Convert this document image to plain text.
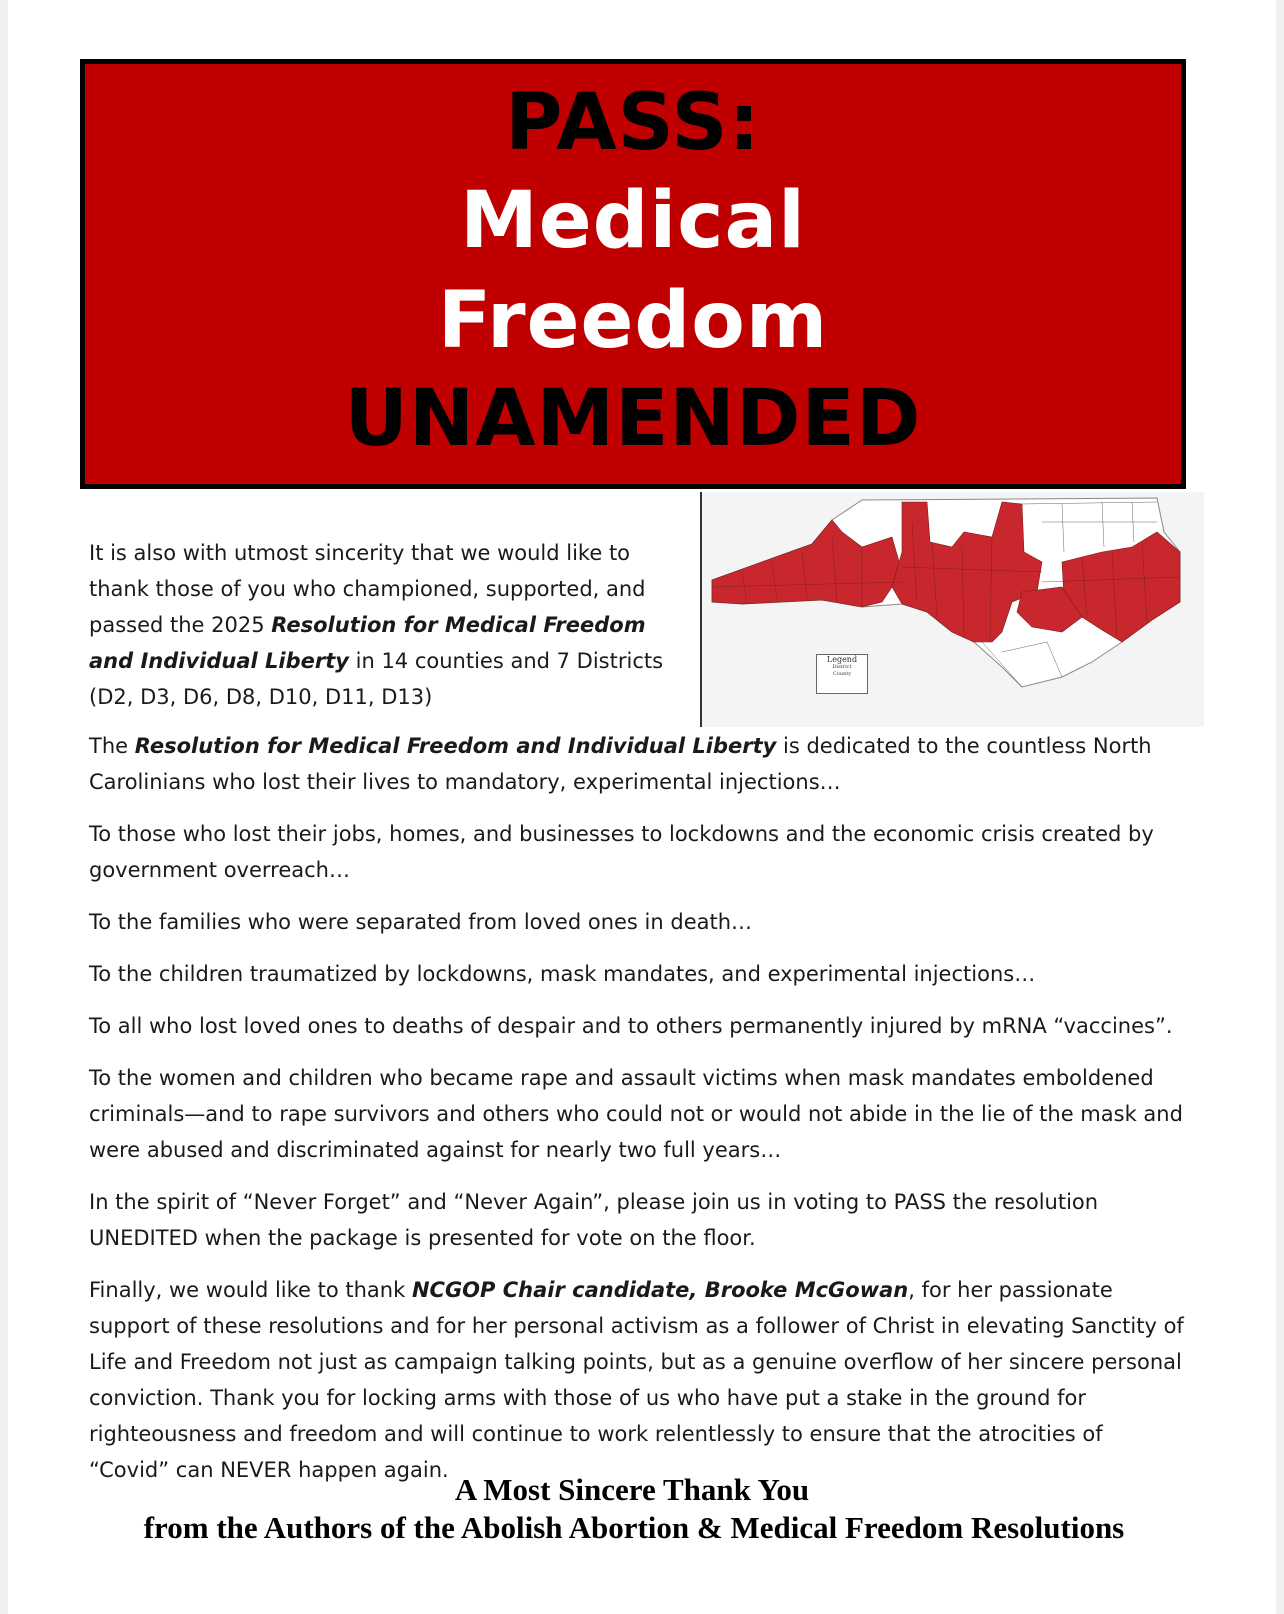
PASS:
Medical
Freedom
UNAMENDED
It is also with utmost sincerity that we would like to thank those of you who championed, supported, and passed the 2025 Resolution for Medical Freedom and Individual Liberty in 14 counties and 7 Districts (D2, D3, D6, D8, D10, D11, D13)
Legend
District
County

The Resolution for Medical Freedom and Individual Liberty is dedicated to the countless North Carolinians who lost their lives to mandatory, experimental injections…

To those who lost their jobs, homes, and businesses to lockdowns and the economic crisis created by government overreach…

To the families who were separated from loved ones in death…

To the children traumatized by lockdowns, mask mandates, and experimental injections…

To all who lost loved ones to deaths of despair and to others permanently injured by mRNA “vaccines”.

To the women and children who became rape and assault victims when mask mandates emboldened criminals—and to rape survivors and others who could not or would not abide in the lie of the mask and were abused and discriminated against for nearly two full years…

In the spirit of “Never Forget” and “Never Again”, please join us in voting to PASS the resolution UNEDITED when the package is presented for vote on the floor.

Finally, we would like to thank NCGOP Chair candidate, Brooke McGowan, for her passionate support of these resolutions and for her personal activism as a follower of Christ in elevating Sanctity of Life and Freedom not just as campaign talking points, but as a genuine overflow of her sincere personal conviction. Thank you for locking arms with those of us who have put a stake in the ground for righteousness and freedom and will continue to work relentlessly to ensure that the atrocities of “Covid” can NEVER happen again.

A Most Sincere Thank You
from the Authors of the Abolish Abortion & Medical Freedom Resolutions
